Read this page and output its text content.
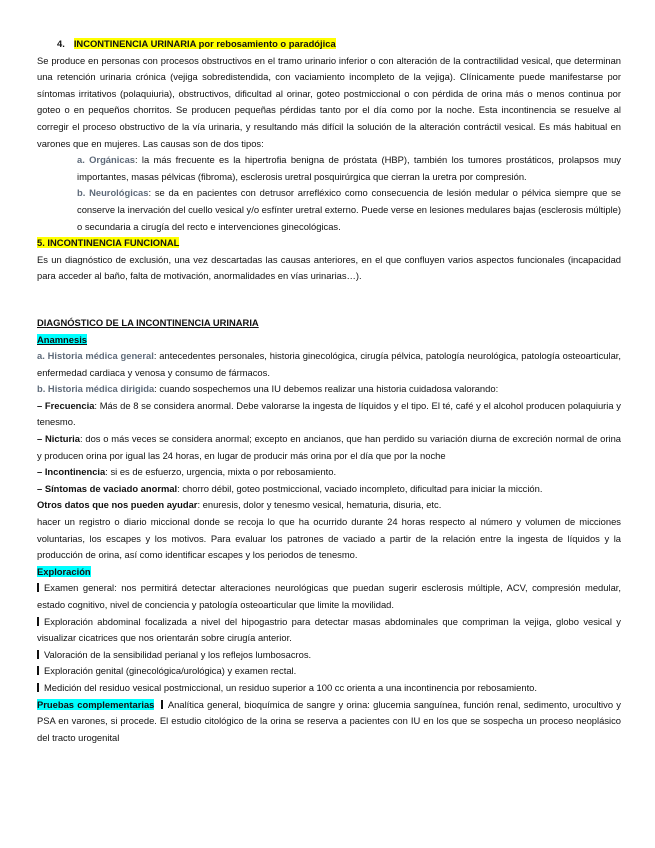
4. INCONTINENCIA URINARIA por rebosamiento o paradójica

Se produce en personas con procesos obstructivos en el tramo urinario inferior o con alteración de la contractilidad vesical, que determinan una retención urinaria crónica (vejiga sobredistendida, con vaciamiento incompleto de la vejiga). Clínicamente puede manifestarse por síntomas irritativos (polaquiuria), obstructivos, dificultad al orinar, goteo postmiccional o con pérdida de orina más o menos continua por goteo o en pequeños chorritos. Se producen pequeñas pérdidas tanto por el día como por la noche. Esta incontinencia se resuelve al corregir el proceso obstructivo de la vía urinaria, y resultando más difícil la solución de la alteración contráctil vesical. Es más habitual en varones que en mujeres. Las causas son de dos tipos:

a. Orgánicas: la más frecuente es la hipertrofia benigna de próstata (HBP), también los tumores prostáticos, prolapsos muy importantes, masas pélvicas (fibroma), esclerosis uretral posquirúrgica que cierran la uretra por compresión.

b. Neurológicas: se da en pacientes con detrusor arrefléxico como consecuencia de lesión medular o pélvica siempre que se conserve la inervación del cuello vesical y/o esfínter uretral externo. Puede verse en lesiones medulares bajas (esclerosis múltiple) o secundaria a cirugía del recto e intervenciones ginecológicas.

5. INCONTINENCIA FUNCIONAL

Es un diagnóstico de exclusión, una vez descartadas las causas anteriores, en el que confluyen varios aspectos funcionales (incapacidad para acceder al baño, falta de motivación, anormalidades en vías urinarias…).

DIAGNÓSTICO DE LA INCONTINENCIA URINARIA

Anamnesis

a. Historia médica general: antecedentes personales, historia ginecológica, cirugía pélvica, patología neurológica, patología osteoarticular, enfermedad cardiaca y venosa y consumo de fármacos.

b. Historia médica dirigida: cuando sospechemos una IU debemos realizar una historia cuidadosa valorando:

– Frecuencia: Más de 8 se considera anormal. Debe valorarse la ingesta de líquidos y el tipo. El té, café y el alcohol producen polaquiuria y tenesmo.

– Nicturia: dos o más veces se considera anormal; excepto en ancianos, que han perdido su variación diurna de excreción normal de orina y producen orina por igual las 24 horas, en lugar de producir más orina por el día que por la noche

– Incontinencia: si es de esfuerzo, urgencia, mixta o por rebosamiento.

– Síntomas de vaciado anormal: chorro débil, goteo postmiccional, vaciado incompleto, dificultad para iniciar la micción.

Otros datos que nos pueden ayudar: enuresis, dolor y tenesmo vesical, hematuria, disuria, etc.

hacer un registro o diario miccional donde se recoja lo que ha ocurrido durante 24 horas respecto al número y volumen de micciones voluntarias, los escapes y los motivos. Para evaluar los patrones de vaciado a partir de la relación entre la ingesta de líquidos y la producción de orina, así como identificar escapes y los periodos de tenesmo.

Exploración

Examen general: nos permitirá detectar alteraciones neurológicas que puedan sugerir esclerosis múltiple, ACV, compresión medular, estado cognitivo, nivel de conciencia y patología osteoarticular que limite la movilidad.

Exploración abdominal focalizada a nivel del hipogastrio para detectar masas abdominales que compriman la vejiga, globo vesical y visualizar cicatrices que nos orientarán sobre cirugía anterior.

Valoración de la sensibilidad perianal y los reflejos lumbosacros.

Exploración genital (ginecológica/urológica) y examen rectal.

Medición del residuo vesical postmiccional, un residuo superior a 100 cc orienta a una incontinencia por rebosamiento.

Pruebas complementarias Analítica general, bioquímica de sangre y orina: glucemia sanguínea, función renal, sedimento, urocultivo y PSA en varones, si procede. El estudio citológico de la orina se reserva a pacientes con IU en los que se sospecha un proceso neoplásico del tracto urogenital
